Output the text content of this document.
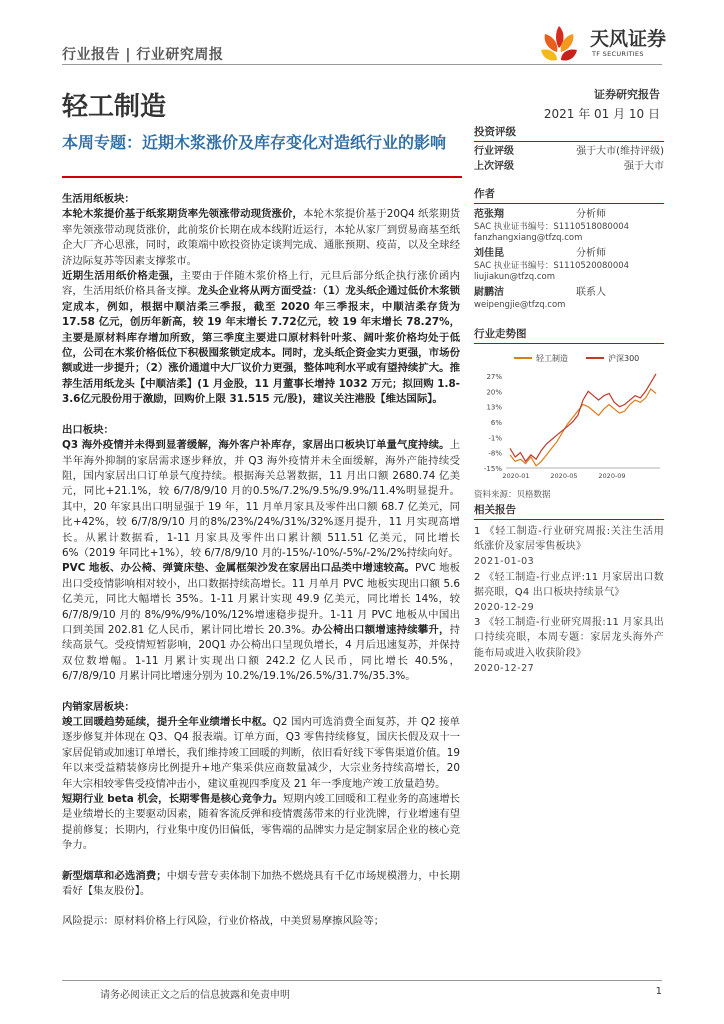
行业报告 | 行业研究周报
天风证券
TF SECURITIES
轻工制造	证券研究报告
2021 年 01 月 10 日
本周专题：近期木浆涨价及库存变化对造纸行业的影响

生活用纸板块：

本轮木浆提价基于纸浆期货率先领涨带动现货涨价，本轮木浆提价基于20Q4 纸浆期货率先领涨带动现货涨价，此前浆价长期在成本线附近运行，本轮从家厂到贸易商基至纸企大厂齐心思涨，同时，政策端中欧投资协定谈判完成、通胀预期、疫苗，以及全球经济边际复苏等因素支撑浆市。

近期生活用纸价格走强，主要由于伴随木浆价格上行，元旦后部分纸企执行涨价函内容，生活用纸价格具备支撑。龙头企业将从两方面受益：（1）龙头纸企通过低价木浆锁定成本，例如，根据中顺洁柔三季报，截至 2020 年三季报末，中顺洁柔存货为 17.58 亿元，创历年新高，较 19 年末增长 7.72亿元，较 19 年末增长 78.27%，主要是原材料库存增加所致，第三季度主要进口原材料针叶浆、阔叶浆价格均处于低位，公司在木浆价格低位下积极囤浆锁定成本。同时，龙头纸企资金实力更强，市场份额或进一步提升；（2）涨价通道中大厂议价力更强，整体吨利水平或有望持续扩大。推荐生活用纸龙头【中顺洁柔】(1 月金股，11 月董事长增持 1032 万元；拟回购 1.8-3.6亿元股份用于激励，回购价上限 31.515 元/股)，建议关注港股【维达国际】。

出口板块：

Q3 海外疫情并未得到显著缓解，海外客户补库存，家居出口板块订单量气度持续。上半年海外抑制的家居需求逐步释放，并 Q3 海外疫情并未全面缓解，海外产能持续受阻，国内家居出口订单景气度持续。根据海关总署数据，11 月出口额 2680.74 亿美元，同比+21.1%，较 6/7/8/9/10 月的0.5%/7.2%/9.5%/9.9%/11.4%明显提升。其中，20 年家具出口明显强于 19 年，11 月单月家具及零件出口额 68.7 亿美元，同比+42%，较 6/7/8/9/10 月的8%/23%/24%/31%/32%逐月提升，11 月实现高增长。从累计数据看，1-11 月家具及零件出口累计额 511.51 亿美元，同比增长 6%（2019 年同比+1%），较 6/7/8/9/10 月的-15%/-10%/-5%/-2%/2%持续向好。

PVC 地板、办公椅、弹簧床垫、金属框架沙发在家居出口品类中增速较高。PVC 地板出口受疫情影响相对较小，出口数据持续高增长。11 月单月 PVC 地板实现出口额 5.6 亿美元，同比大幅增长 35%。1-11 月累计实现 49.9 亿美元，同比增长 14%，较 6/7/8/9/10 月的 8%/9%/9%/10%/12%增速稳步提升。1-11 月 PVC 地板从中国出口到美国 202.81 亿人民币，累计同比增长 20.3%。办公椅出口额增速持续攀升，持续高景气。受疫情短暂影响，20Q1 办公椅出口呈现负增长，4 月后迅速复苏，并保持双位数增幅。1-11 月累计实现出口额 242.2 亿人民币，同比增长 40.5%，6/7/8/9/10 月累计同比增速分别为 10.2%/19.1%/26.5%/31.7%/35.3%。

内销家居板块：

竣工回暖趋势延续，提升全年业绩增长中枢。Q2 国内可选消费全面复苏，并 Q2 接单逐步修复并体现在 Q3、Q4 报表端。订单方面，Q3 零售持续修复，国庆长假及双十一家居促销或加速订单增长，我们维持竣工回暖的判断，依旧看好线下零售渠道价值。19 年以来受益精装修房比例提升+地产集采供应商数量减少，大宗业务持续高增长，20 年大宗相较零售受疫情冲击小，建议重视四季度及 21 年一季度地产竣工放量趋势。

短期行业 beta 机会，长期零售是核心竞争力。短期内竣工回暖和工程业务的高速增长是业绩增长的主要驱动因素，随着客流反弹和疫情震荡带来的行业洗牌，行业增速有望提前修复；长期内，行业集中度仍旧偏低，零售端的品牌实力是定制家居企业的核心竞争力。

新型烟草和必选消费；中烟专营专卖体制下加热不燃烧具有千亿市场规模潜力，中长期看好【集友股份】。

风险提示：原材料价格上行风险，行业价格战，中美贸易摩擦风险等；

投资评级
行业评级	强于大市(维持评级)
上次评级	强于大市
作者
范张翔	分析师
SAC 执业证书编号：S1110518080004
fanzhangxiang@tfzq.com
刘佳昆	分析师
SAC 执业证书编号：S1110520080004
liujiakun@tfzq.com
尉鹏洁	联系人
weipengjie@tfzq.com
行业走势图
轻工制造	沪深300
27%
20%
13%
6%
-1%
-8%
-15%
2020-01	2020-05	2020-09
资料来源：贝格数据
相关报告

1 《轻工制造-行业研究周报:关注生活用纸涨价及家居零售板块》

2021-01-03

2 《轻工制造-行业点评:11 月家居出口数据亮眼，Q4 出口板块持续景气》

2020-12-29

3 《轻工制造-行业研究周报:11 月家具出口持续亮眼，本周专题：家居龙头海外产能布局或进入收获阶段》

2020-12-27

请务必阅读正文之后的信息披露和免责申明	1
